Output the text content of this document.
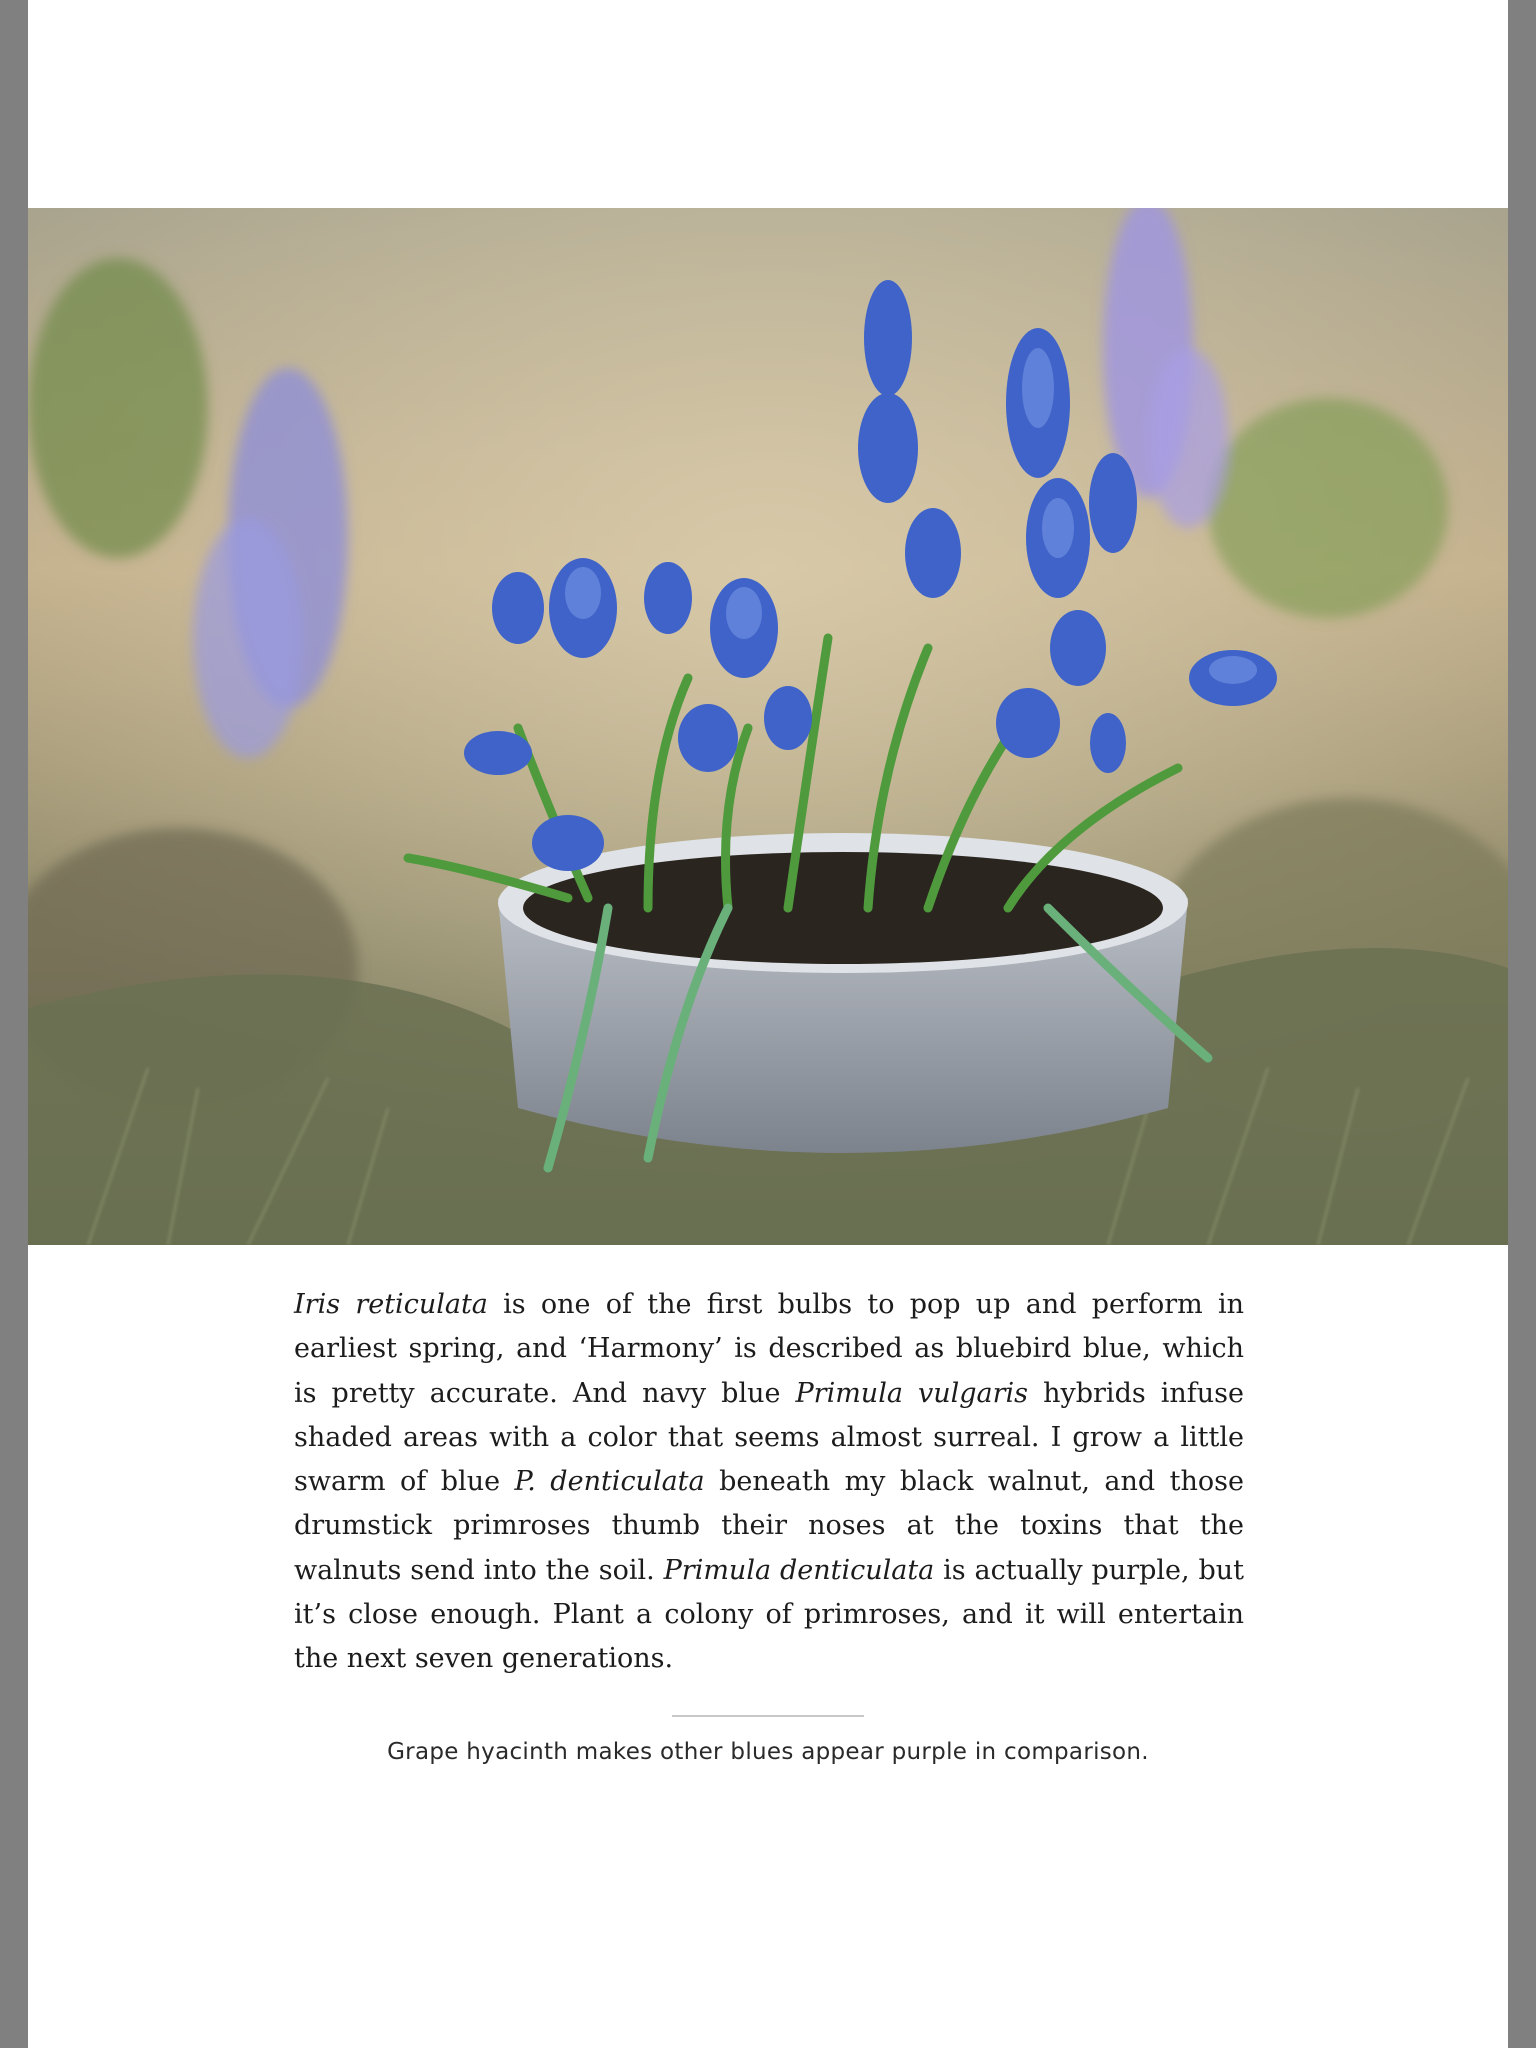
Iris reticulata is one of the first bulbs to pop up and perform in earliest spring, and ‘Harmony’ is described as bluebird blue, which is pretty accurate. And navy blue Primula vulgaris hybrids infuse shaded areas with a color that seems almost surreal. I grow a little swarm of blue P. denticulata beneath my black walnut, and those drumstick primroses thumb their noses at the toxins that the walnuts send into the soil. Primula denticulata is actually purple, but it’s close enough. Plant a colony of primroses, and it will entertain the next seven generations.

Grape hyacinth makes other blues appear purple in comparison.
